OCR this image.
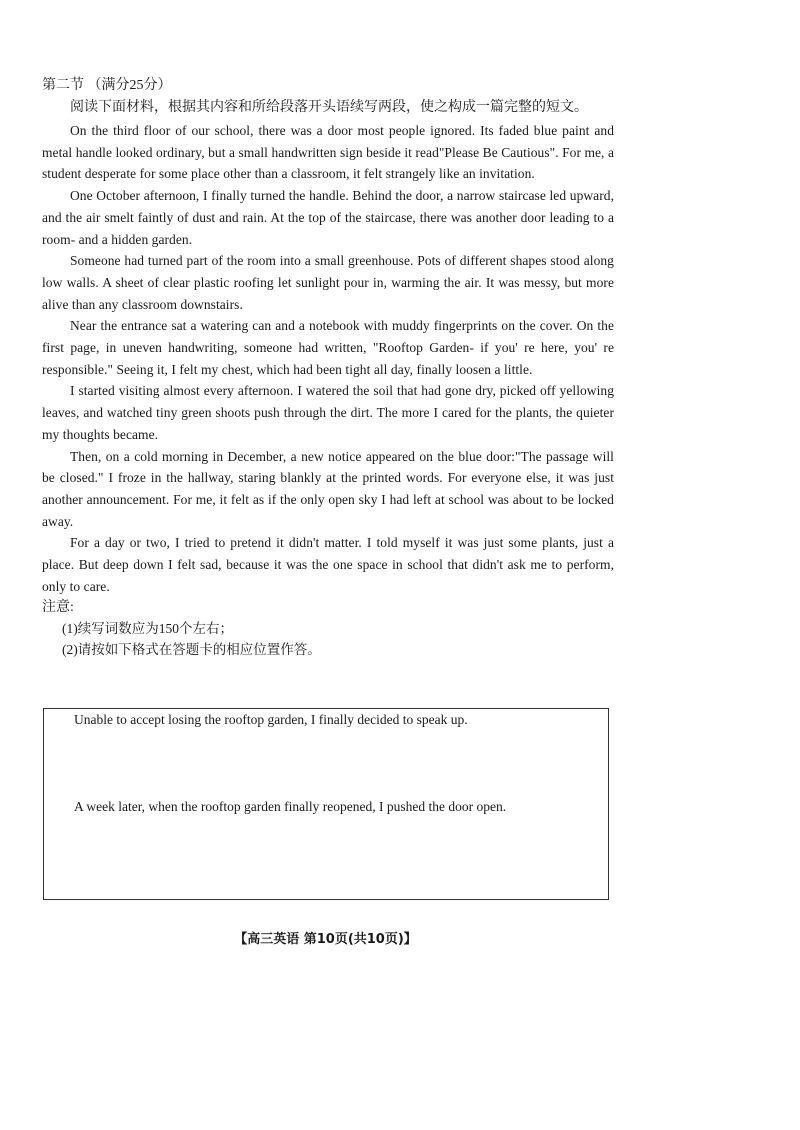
第二节 （满分25分）

阅读下面材料，根据其内容和所给段落开头语续写两段，使之构成一篇完整的短文。

On the third floor of our school, there was a door most people ignored. Its faded blue paint and metal handle looked ordinary, but a small handwritten sign beside it read"Please Be Cautious". For me, a student desperate for some place other than a classroom, it felt strangely like an invitation.

One October afternoon, I finally turned the handle. Behind the door, a narrow staircase led upward, and the air smelt faintly of dust and rain. At the top of the staircase, there was another door leading to a room- and a hidden garden.

Someone had turned part of the room into a small greenhouse. Pots of different shapes stood along low walls. A sheet of clear plastic roofing let sunlight pour in, warming the air. It was messy, but more alive than any classroom downstairs.

Near the entrance sat a watering can and a notebook with muddy fingerprints on the cover. On the first page, in uneven handwriting, someone had written, "Rooftop Garden- if you' re here, you' re responsible." Seeing it, I felt my chest, which had been tight all day, finally loosen a little.

I started visiting almost every afternoon. I watered the soil that had gone dry, picked off yellowing leaves, and watched tiny green shoots push through the dirt. The more I cared for the plants, the quieter my thoughts became.

Then, on a cold morning in December, a new notice appeared on the blue door:"The passage will be closed." I froze in the hallway, staring blankly at the printed words. For everyone else, it was just another announcement. For me, it felt as if the only open sky I had left at school was about to be locked away.

For a day or two, I tried to pretend it didn't matter. I told myself it was just some plants, just a place. But deep down I felt sad, because it was the one space in school that didn't ask me to perform, only to care.

注意:

(1)续写词数应为150个左右；

(2)请按如下格式在答题卡的相应位置作答。

Unable to accept losing the rooftop garden, I finally decided to speak up.
A week later, when the rooftop garden finally reopened, I pushed the door open.
【高三英语 第10页(共10页)】
